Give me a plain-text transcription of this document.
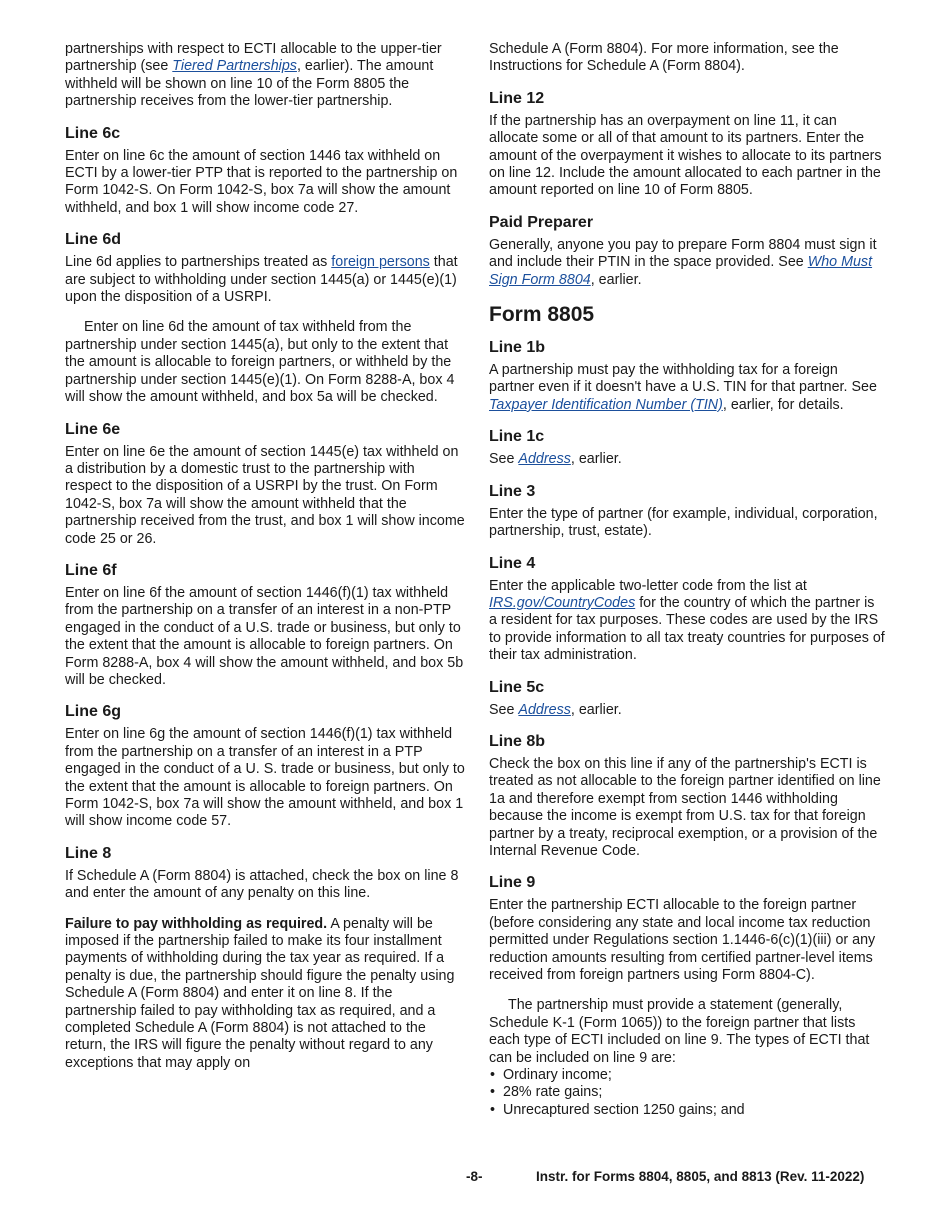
partnerships with respect to ECTI allocable to the upper-tier partnership (see Tiered Partnerships, earlier). The amount withheld will be shown on line 10 of the Form 8805 the partnership receives from the lower-tier partnership.

Line 6c

Enter on line 6c the amount of section 1446 tax withheld on ECTI by a lower-tier PTP that is reported to the partnership on Form 1042-S. On Form 1042-S, box 7a will show the amount withheld, and box 1 will show income code 27.

Line 6d

Line 6d applies to partnerships treated as foreign persons that are subject to withholding under section 1445(a) or 1445(e)(1) upon the disposition of a USRPI.

Enter on line 6d the amount of tax withheld from the partnership under section 1445(a), but only to the extent that the amount is allocable to foreign partners, or withheld by the partnership under section 1445(e)(1). On Form 8288-A, box 4 will show the amount withheld, and box 5a will be checked.

Line 6e

Enter on line 6e the amount of section 1445(e) tax withheld on a distribution by a domestic trust to the partnership with respect to the disposition of a USRPI by the trust. On Form 1042-S, box 7a will show the amount withheld that the partnership received from the trust, and box 1 will show income code 25 or 26.

Line 6f

Enter on line 6f the amount of section 1446(f)(1) tax withheld from the partnership on a transfer of an interest in a non-PTP engaged in the conduct of a U.S. trade or business, but only to the extent that the amount is allocable to foreign partners. On Form 8288-A, box 4 will show the amount withheld, and box 5b will be checked.

Line 6g

Enter on line 6g the amount of section 1446(f)(1) tax withheld from the partnership on a transfer of an interest in a PTP engaged in the conduct of a U. S. trade or business, but only to the extent that the amount is allocable to foreign partners. On Form 1042-S, box 7a will show the amount withheld, and box 1 will show income code 57.

Line 8

If Schedule A (Form 8804) is attached, check the box on line 8 and enter the amount of any penalty on this line.

Failure to pay withholding as required. A penalty will be imposed if the partnership failed to make its four installment payments of withholding during the tax year as required. If a penalty is due, the partnership should figure the penalty using Schedule A (Form 8804) and enter it on line 8. If the partnership failed to pay withholding tax as required, and a completed Schedule A (Form 8804) is not attached to the return, the IRS will figure the penalty without regard to any exceptions that may apply on

Schedule A (Form 8804). For more information, see the Instructions for Schedule A (Form 8804).

Line 12

If the partnership has an overpayment on line 11, it can allocate some or all of that amount to its partners. Enter the amount of the overpayment it wishes to allocate to its partners on line 12. Include the amount allocated to each partner in the amount reported on line 10 of Form 8805.

Paid Preparer

Generally, anyone you pay to prepare Form 8804 must sign it and include their PTIN in the space provided. See Who Must Sign Form 8804, earlier.

Form 8805
Line 1b

A partnership must pay the withholding tax for a foreign partner even if it doesn't have a U.S. TIN for that partner. See Taxpayer Identification Number (TIN), earlier, for details.

Line 1c

See Address, earlier.

Line 3

Enter the type of partner (for example, individual, corporation, partnership, trust, estate).

Line 4

Enter the applicable two-letter code from the list at IRS.gov/CountryCodes for the country of which the partner is a resident for tax purposes. These codes are used by the IRS to provide information to all tax treaty countries for purposes of their tax administration.

Line 5c

See Address, earlier.

Line 8b

Check the box on this line if any of the partnership's ECTI is treated as not allocable to the foreign partner identified on line 1a and therefore exempt from section 1446 withholding because the income is exempt from U.S. tax for that foreign partner by a treaty, reciprocal exemption, or a provision of the Internal Revenue Code.

Line 9

Enter the partnership ECTI allocable to the foreign partner (before considering any state and local income tax reduction permitted under Regulations section 1.1446-6(c)(1)(iii) or any reduction amounts resulting from certified partner-level items received from foreign partners using Form 8804-C).

The partnership must provide a statement (generally, Schedule K-1 (Form 1065)) to the foreign partner that lists each type of ECTI included on line 9. The types of ECTI that can be included on line 9 are:

• Ordinary income;
• 28% rate gains;
• Unrecaptured section 1250 gains; and
-8-	Instr. for Forms 8804, 8805, and 8813 (Rev. 11-2022)
